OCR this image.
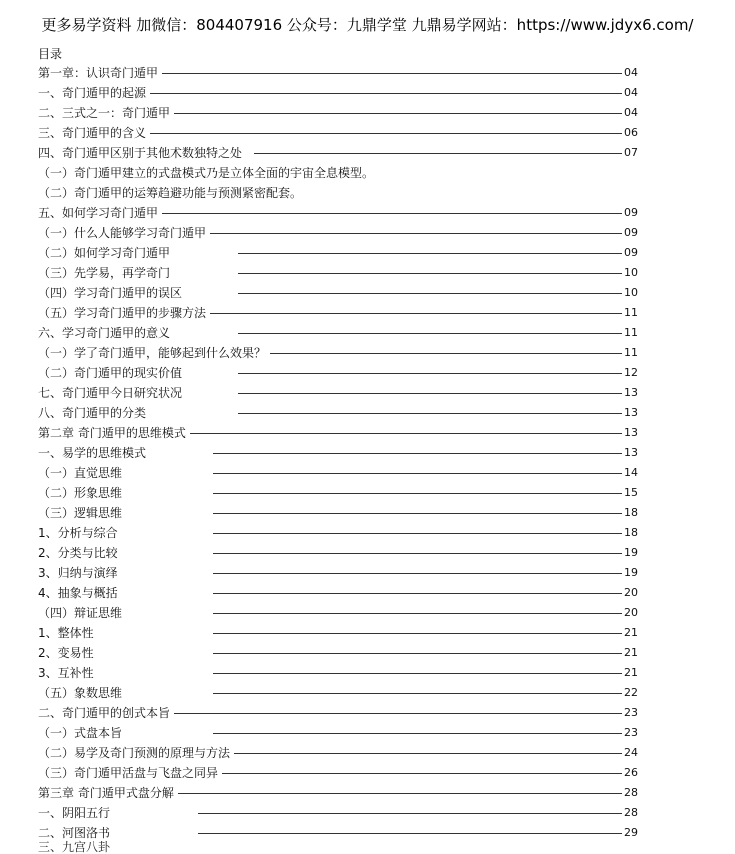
更多易学资料 加微信：804407916 公众号：九鼎学堂 九鼎易学网站：https://www.jdyx6.com/
目录
第一章：认识奇门遁甲	04
一、奇门遁甲的起源	04
二、三式之一：奇门遁甲	04
三、奇门遁甲的含义	06
四、奇门遁甲区别于其他术数独特之处	07
（一）奇门遁甲建立的式盘模式乃是立体全面的宇宙全息模型。
（二）奇门遁甲的运筹趋避功能与预测紧密配套。
五、如何学习奇门遁甲	09
（一）什么人能够学习奇门遁甲	09
（二）如何学习奇门遁甲	09
（三）先学易，再学奇门	10
（四）学习奇门遁甲的误区	10
（五）学习奇门遁甲的步骤方法	11
六、学习奇门遁甲的意义	11
（一）学了奇门遁甲，能够起到什么效果？	11
（二）奇门遁甲的现实价值	12
七、奇门遁甲今日研究状况	13
八、奇门遁甲的分类	13
第二章 奇门遁甲的思维模式	13
一、易学的思维模式	13
（一）直觉思维	14
（二）形象思维	15
（三）逻辑思维	18
1、分析与综合	18
2、分类与比较	19
3、归纳与演绎	19
4、抽象与概括	20
（四）辩证思维	20
1、整体性	21
2、变易性	21
3、互补性	21
（五）象数思维	22
二、奇门遁甲的创式本旨	23
（一）式盘本旨	23
（二）易学及奇门预测的原理与方法	24
（三）奇门遁甲活盘与飞盘之同异	26
第三章 奇门遁甲式盘分解	28
一、阴阳五行	28
二、河图洛书	29
三、九宫八卦
